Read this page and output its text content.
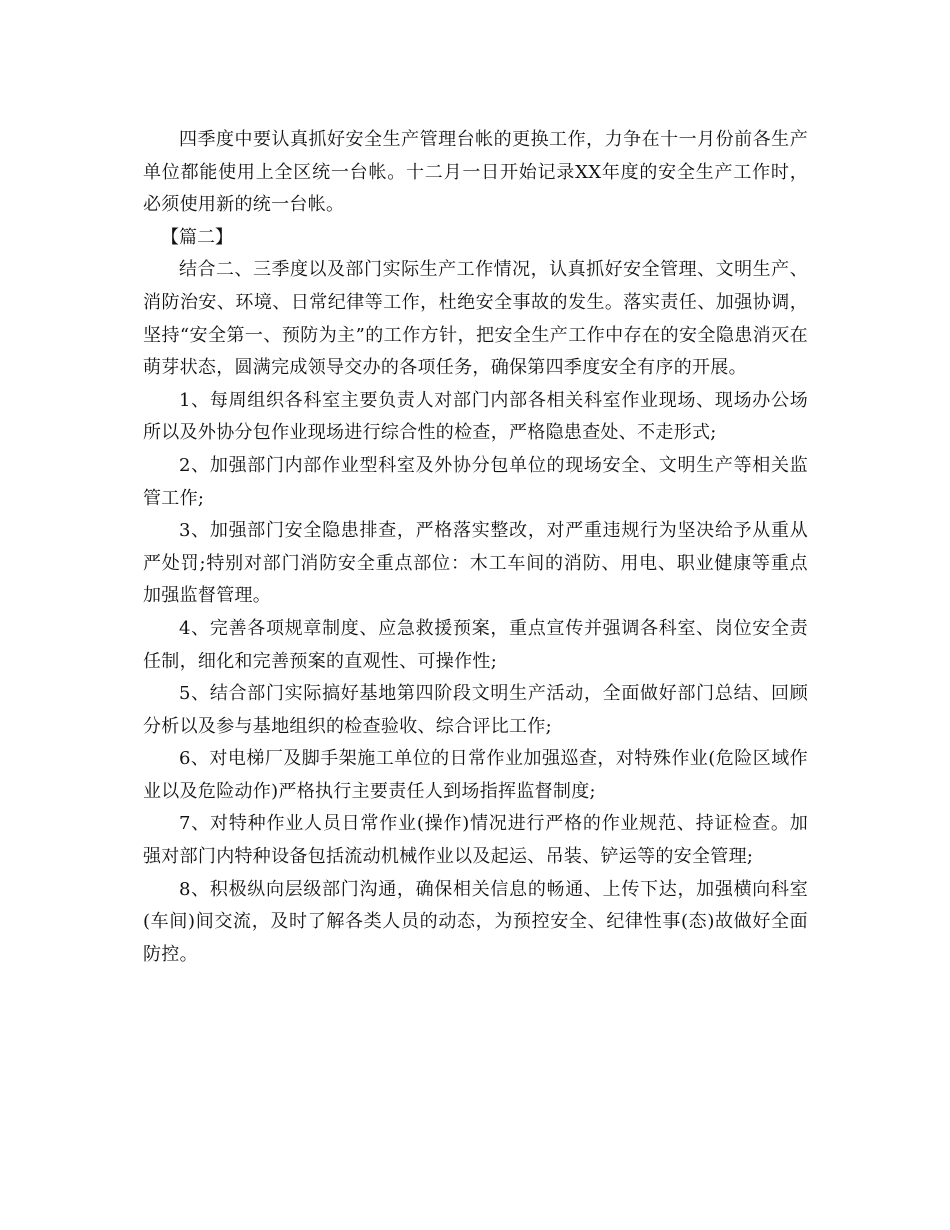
四季度中要认真抓好安全生产管理台帐的更换工作，力争在十一月份前各生产单位都能使用上全区统一台帐。十二月一日开始记录XX年度的安全生产工作时，必须使用新的统一台帐。

【篇二】

结合二、三季度以及部门实际生产工作情况，认真抓好安全管理、文明生产、消防治安、环境、日常纪律等工作，杜绝安全事故的发生。落实责任、加强协调，坚持“安全第一、预防为主”的工作方针，把安全生产工作中存在的安全隐患消灭在萌芽状态，圆满完成领导交办的各项任务，确保第四季度安全有序的开展。

1、每周组织各科室主要负责人对部门内部各相关科室作业现场、现场办公场所以及外协分包作业现场进行综合性的检查，严格隐患查处、不走形式;

2、加强部门内部作业型科室及外协分包单位的现场安全、文明生产等相关监管工作;

3、加强部门安全隐患排查，严格落实整改，对严重违规行为坚决给予从重从严处罚;特别对部门消防安全重点部位：木工车间的消防、用电、职业健康等重点加强监督管理。

4、完善各项规章制度、应急救援预案，重点宣传并强调各科室、岗位安全责任制，细化和完善预案的直观性、可操作性;

5、结合部门实际搞好基地第四阶段文明生产活动，全面做好部门总结、回顾分析以及参与基地组织的检查验收、综合评比工作;

6、对电梯厂及脚手架施工单位的日常作业加强巡查，对特殊作业(危险区域作业以及危险动作)严格执行主要责任人到场指挥监督制度;

7、对特种作业人员日常作业(操作)情况进行严格的作业规范、持证检查。加强对部门内特种设备包括流动机械作业以及起运、吊装、铲运等的安全管理;

8、积极纵向层级部门沟通，确保相关信息的畅通、上传下达，加强横向科室(车间)间交流，及时了解各类人员的动态，为预控安全、纪律性事(态)故做好全面防控。
